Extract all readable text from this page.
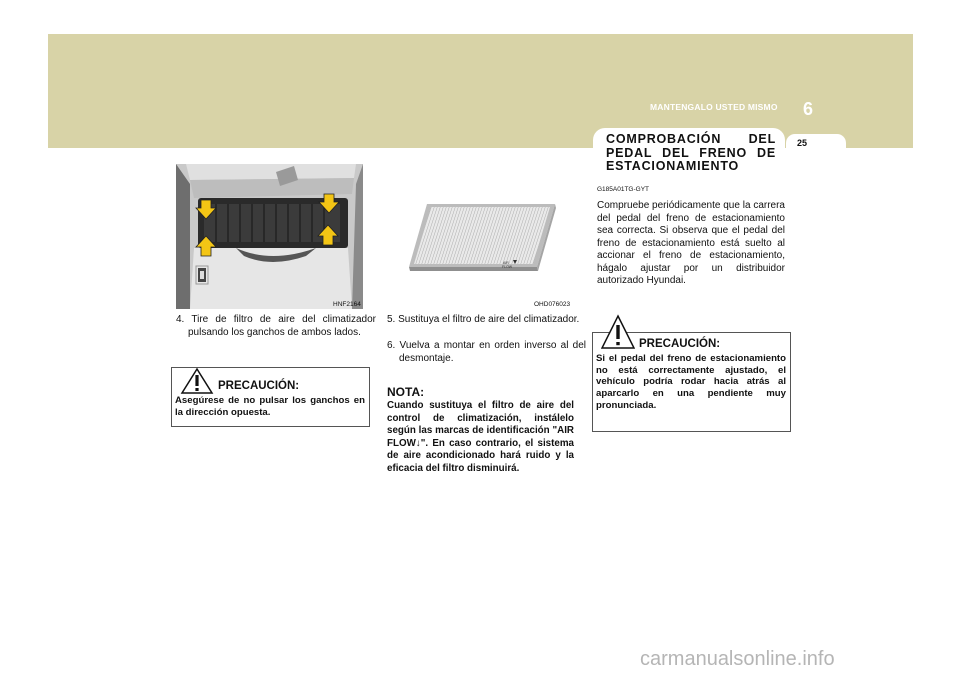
MANTENGALO USTED MISMO	6
25
COMPROBACIÓN DEL PEDAL DEL FRENO DE ESTACIONAMIENTO
HNF2164
AIR
FLOW
OHD076023
4. Tire de filtro de aire del climatizador pulsando los ganchos de ambos lados.
PRECAUCIÓN:
Asegúrese de no pulsar los ganchos en la dirección opuesta.
5. Sustituya el filtro de aire del climatizador.
6. Vuelva a montar en orden inverso al del desmontaje.
NOTA:
Cuando sustituya el filtro de aire del control de climatización, instálelo según las marcas de identificación "AIR FLOW↓". En caso contrario, el sistema de aire acondicionado hará ruido y la eficacia del filtro disminuirá.
G185A01TG-GYT
Compruebe periódicamente que la carrera del pedal del freno de estacionamiento sea correcta. Si observa que el pedal del freno de estacionamiento está suelto al accionar el freno de estacionamiento, hágalo ajustar por un distribuidor autorizado Hyundai.
PRECAUCIÓN:
Si el pedal del freno de estacionamiento no está correctamente ajustado, el vehículo podría rodar hacia atrás al aparcarlo en una pendiente muy pronunciada.
carmanualsonline.info
